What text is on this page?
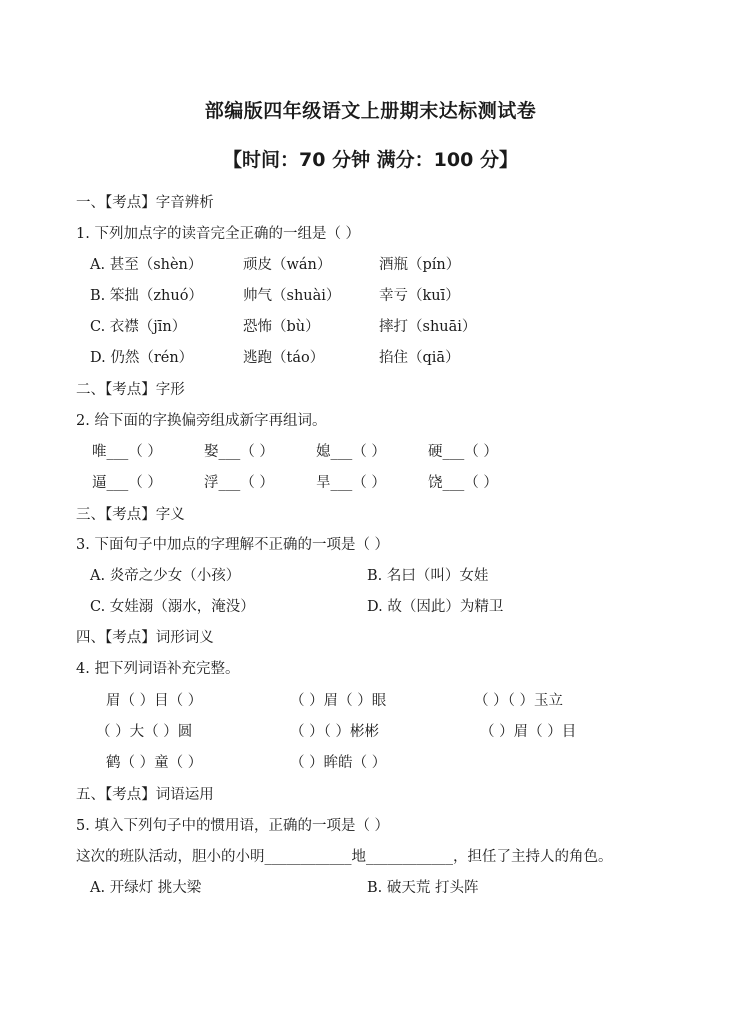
部编版四年级语文上册期末达标测试卷
【时间：70 分钟 满分：100 分】
一、【考点】字音辨析
1. 下列加点字的读音完全正确的一组是（ ）
A. 甚至（shèn）	顽皮（wán）	酒瓶（pín）
B. 笨拙（zhuó）	帅气（shuài）	幸亏（kuī）
C. 衣襟（jīn）	恐怖（bù）	摔打（shuāi）
D. 仍然（rén）	逃跑（táo）	掐住（qiā）
二、【考点】字形
2. 给下面的字换偏旁组成新字再组词。
唯___（ ）	娶___（ ）	媳___（ ）	硬___（ ）
逼___（ ）	浮___（ ）	旱___（ ）	饶___（ ）
三、【考点】字义
3. 下面句子中加点的字理解不正确的一项是（ ）
A. 炎帝之少女（小孩）	B. 名曰（叫）女娃
C. 女娃溺（溺水，淹没）	D. 故（因此）为精卫
四、【考点】词形词义
4. 把下列词语补充完整。
眉（ ）目（ ）	（ ）眉（ ）眼	（ ）（ ）玉立
（ ）大（ ）圆	（ ）（ ）彬彬	（ ）眉（ ）目
鹤（ ）童（ ）	（ ）眸皓（ ）
五、【考点】词语运用
5. 填入下列句子中的惯用语，正确的一项是（ ）
这次的班队活动，胆小的小明____________地____________，担任了主持人的角色。
A. 开绿灯 挑大梁	B. 破天荒 打头阵
